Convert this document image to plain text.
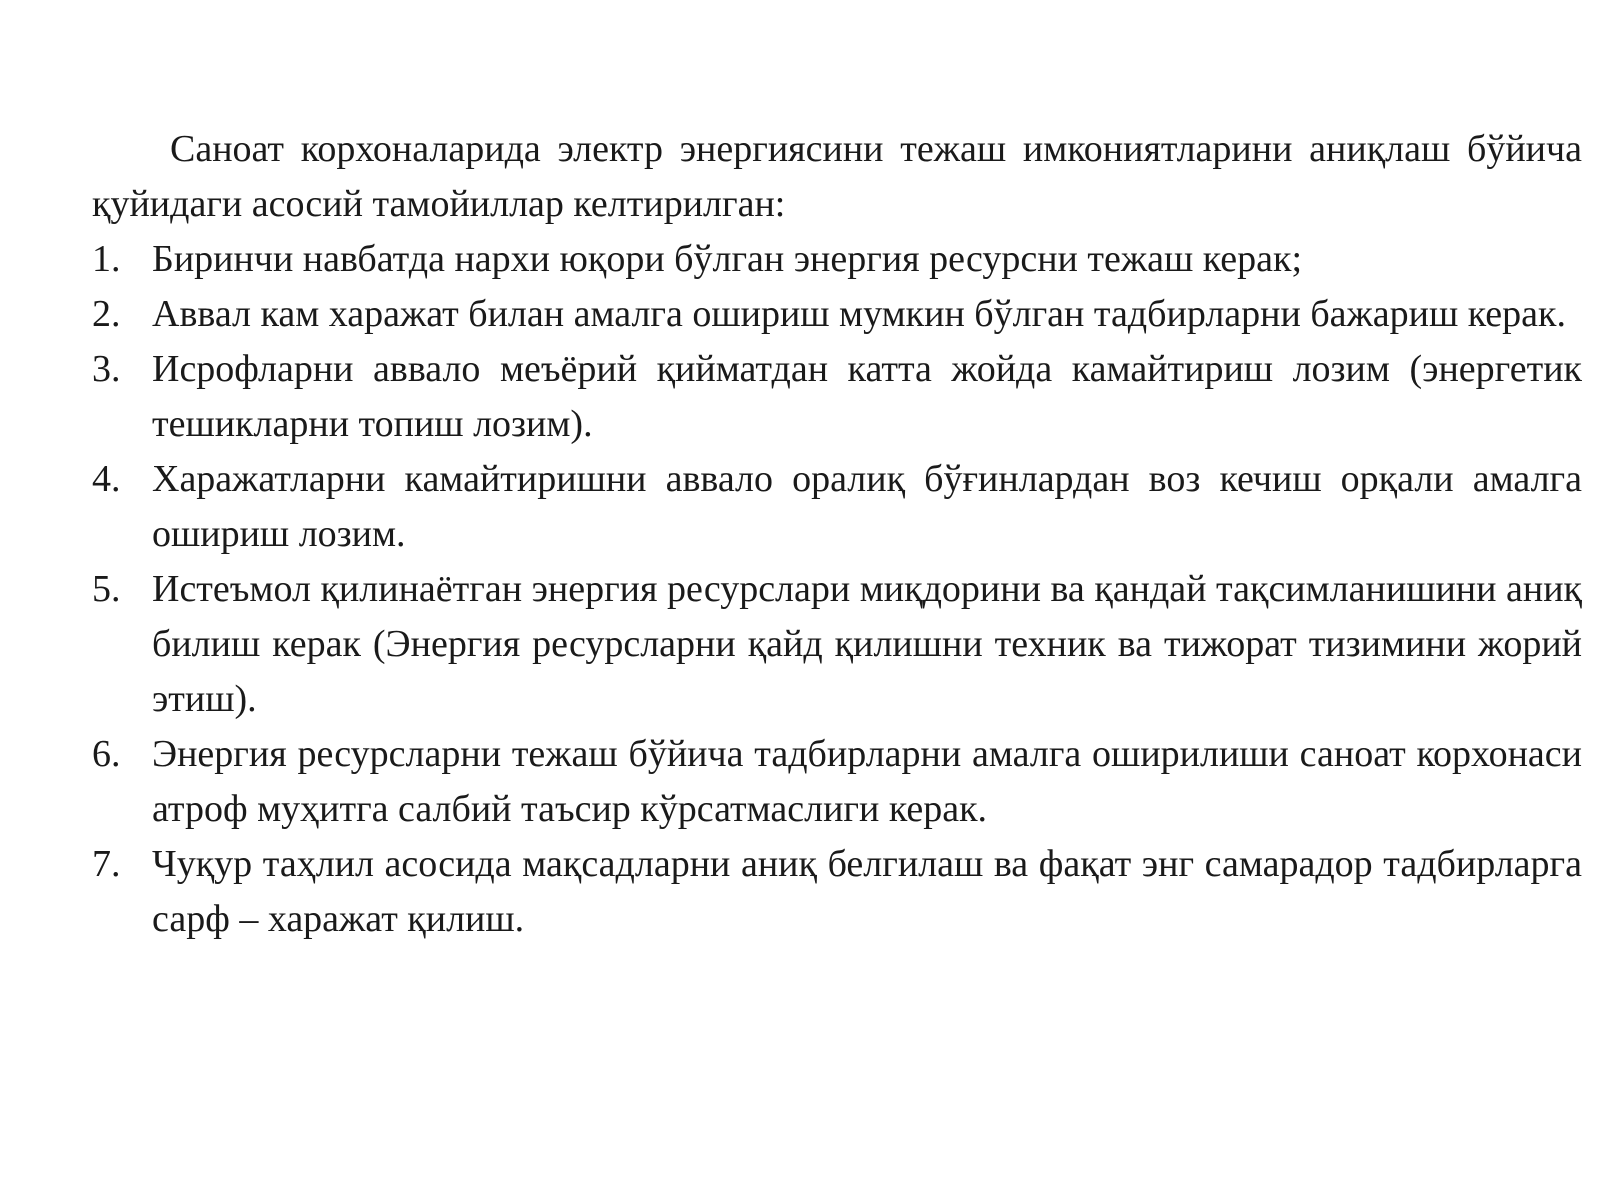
Саноат корхоналарида электр энергиясини тежаш имкониятларини аниқлаш бўйича қуйидаги асосий тамойиллар келтирилган:

1. Биринчи навбатда нархи юқори бўлган энергия ресурсни тежаш керак;
2. Аввал кам харажат билан амалга ошириш мумкин бўлган тадбирларни бажариш керак.
3. Исрофларни аввало меъёрий қийматдан катта жойда камайтириш лозим (энергетик тешикларни топиш лозим).
4. Харажатларни камайтиришни аввало оралиқ бўғинлардан воз кечиш орқали амалга ошириш лозим.
5. Истеъмол қилинаётган энергия ресурслари миқдорини ва қандай тақсимланишини аниқ билиш керак (Энергия ресурсларни қайд қилишни техник ва тижорат тизимини жорий этиш).
6. Энергия ресурсларни тежаш бўйича тадбирларни амалга оширилиши саноат корхонаси атроф муҳитга салбий таъсир кўрсатмаслиги керак.
7. Чуқур таҳлил асосида мақсадларни аниқ белгилаш ва фақат энг самарадор тадбирларга сарф – харажат қилиш.
